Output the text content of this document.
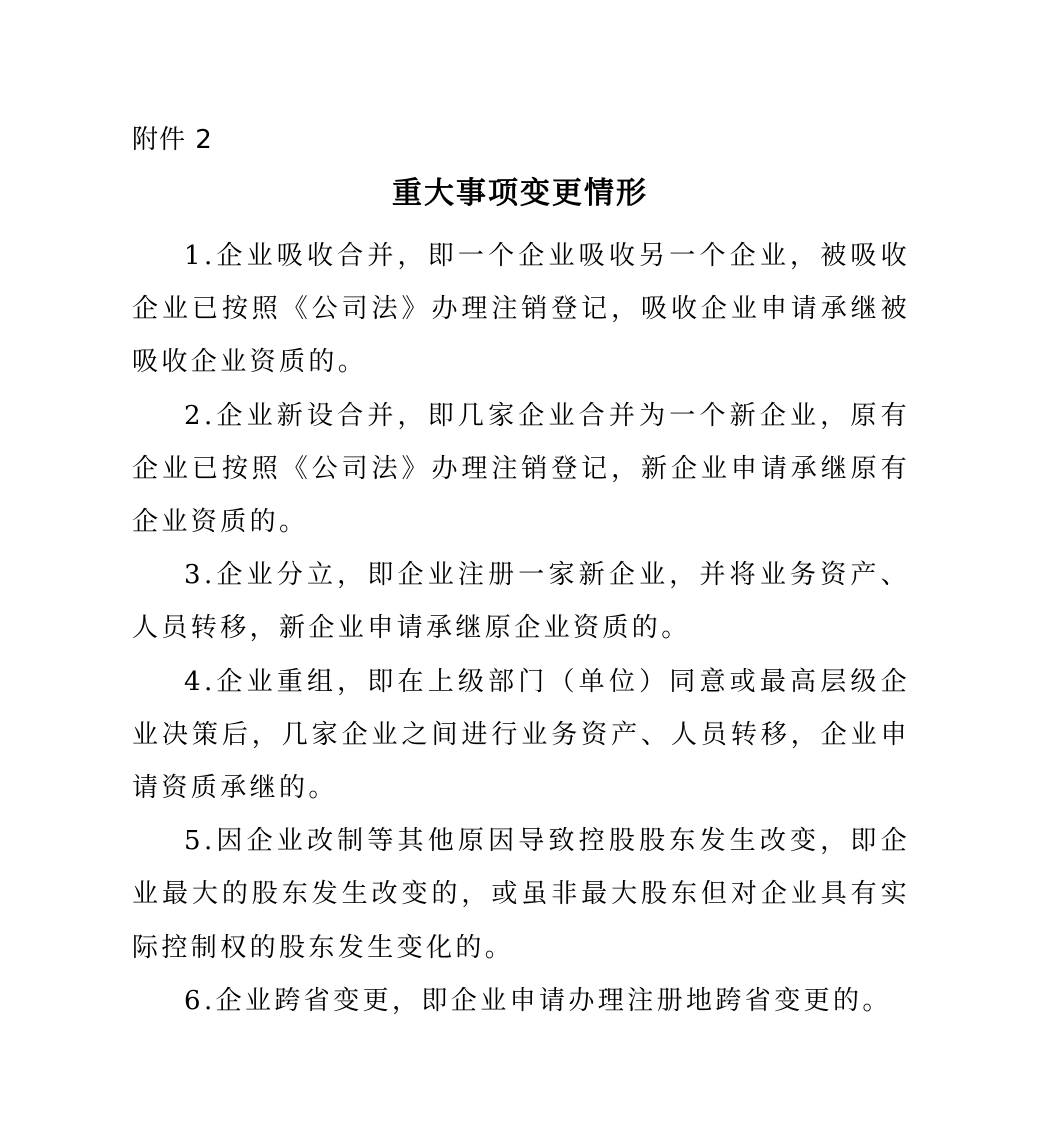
附件 2
重大事项变更情形

1.企业吸收合并，即一个企业吸收另一个企业，被吸收企业已按照《公司法》办理注销登记，吸收企业申请承继被吸收企业资质的。

2.企业新设合并，即几家企业合并为一个新企业，原有企业已按照《公司法》办理注销登记，新企业申请承继原有企业资质的。

3.企业分立，即企业注册一家新企业，并将业务资产、人员转移，新企业申请承继原企业资质的。

4.企业重组，即在上级部门（单位）同意或最高层级企业决策后，几家企业之间进行业务资产、人员转移，企业申请资质承继的。

5.因企业改制等其他原因导致控股股东发生改变，即企业最大的股东发生改变的，或虽非最大股东但对企业具有实际控制权的股东发生变化的。

6.企业跨省变更，即企业申请办理注册地跨省变更的。
